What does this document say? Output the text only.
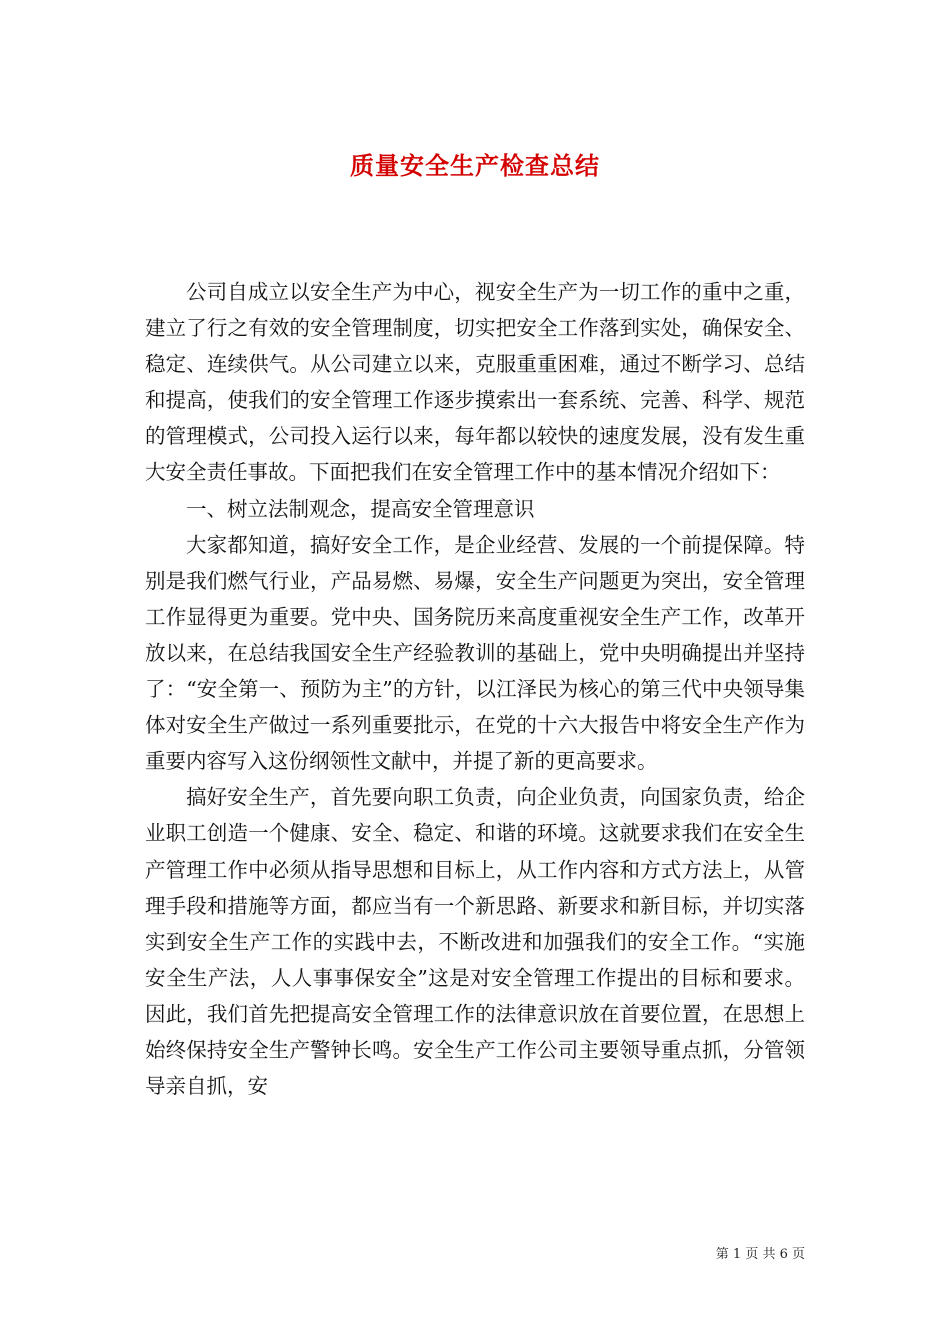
质量安全生产检查总结

公司自成立以安全生产为中心，视安全生产为一切工作的重中之重，建立了行之有效的安全管理制度，切实把安全工作落到实处，确保安全、稳定、连续供气。从公司建立以来，克服重重困难，通过不断学习、总结和提高，使我们的安全管理工作逐步摸索出一套系统、完善、科学、规范的管理模式，公司投入运行以来，每年都以较快的速度发展，没有发生重大安全责任事故。下面把我们在安全管理工作中的基本情况介绍如下：

一、树立法制观念，提高安全管理意识

大家都知道，搞好安全工作，是企业经营、发展的一个前提保障。特别是我们燃气行业，产品易燃、易爆，安全生产问题更为突出，安全管理工作显得更为重要。党中央、国务院历来高度重视安全生产工作，改革开放以来，在总结我国安全生产经验教训的基础上，党中央明确提出并坚持了：“安全第一、预防为主”的方针，以江泽民为核心的第三代中央领导集体对安全生产做过一系列重要批示，在党的十六大报告中将安全生产作为重要内容写入这份纲领性文献中，并提了新的更高要求。

搞好安全生产，首先要向职工负责，向企业负责，向国家负责，给企业职工创造一个健康、安全、稳定、和谐的环境。这就要求我们在安全生产管理工作中必须从指导思想和目标上，从工作内容和方式方法上，从管理手段和措施等方面，都应当有一个新思路、新要求和新目标，并切实落实到安全生产工作的实践中去，不断改进和加强我们的安全工作。“实施安全生产法，人人事事保安全”这是对安全管理工作提出的目标和要求。因此，我们首先把提高安全管理工作的法律意识放在首要位置，在思想上始终保持安全生产警钟长鸣。安全生产工作公司主要领导重点抓，分管领导亲自抓，安

第 1 页 共 6 页
